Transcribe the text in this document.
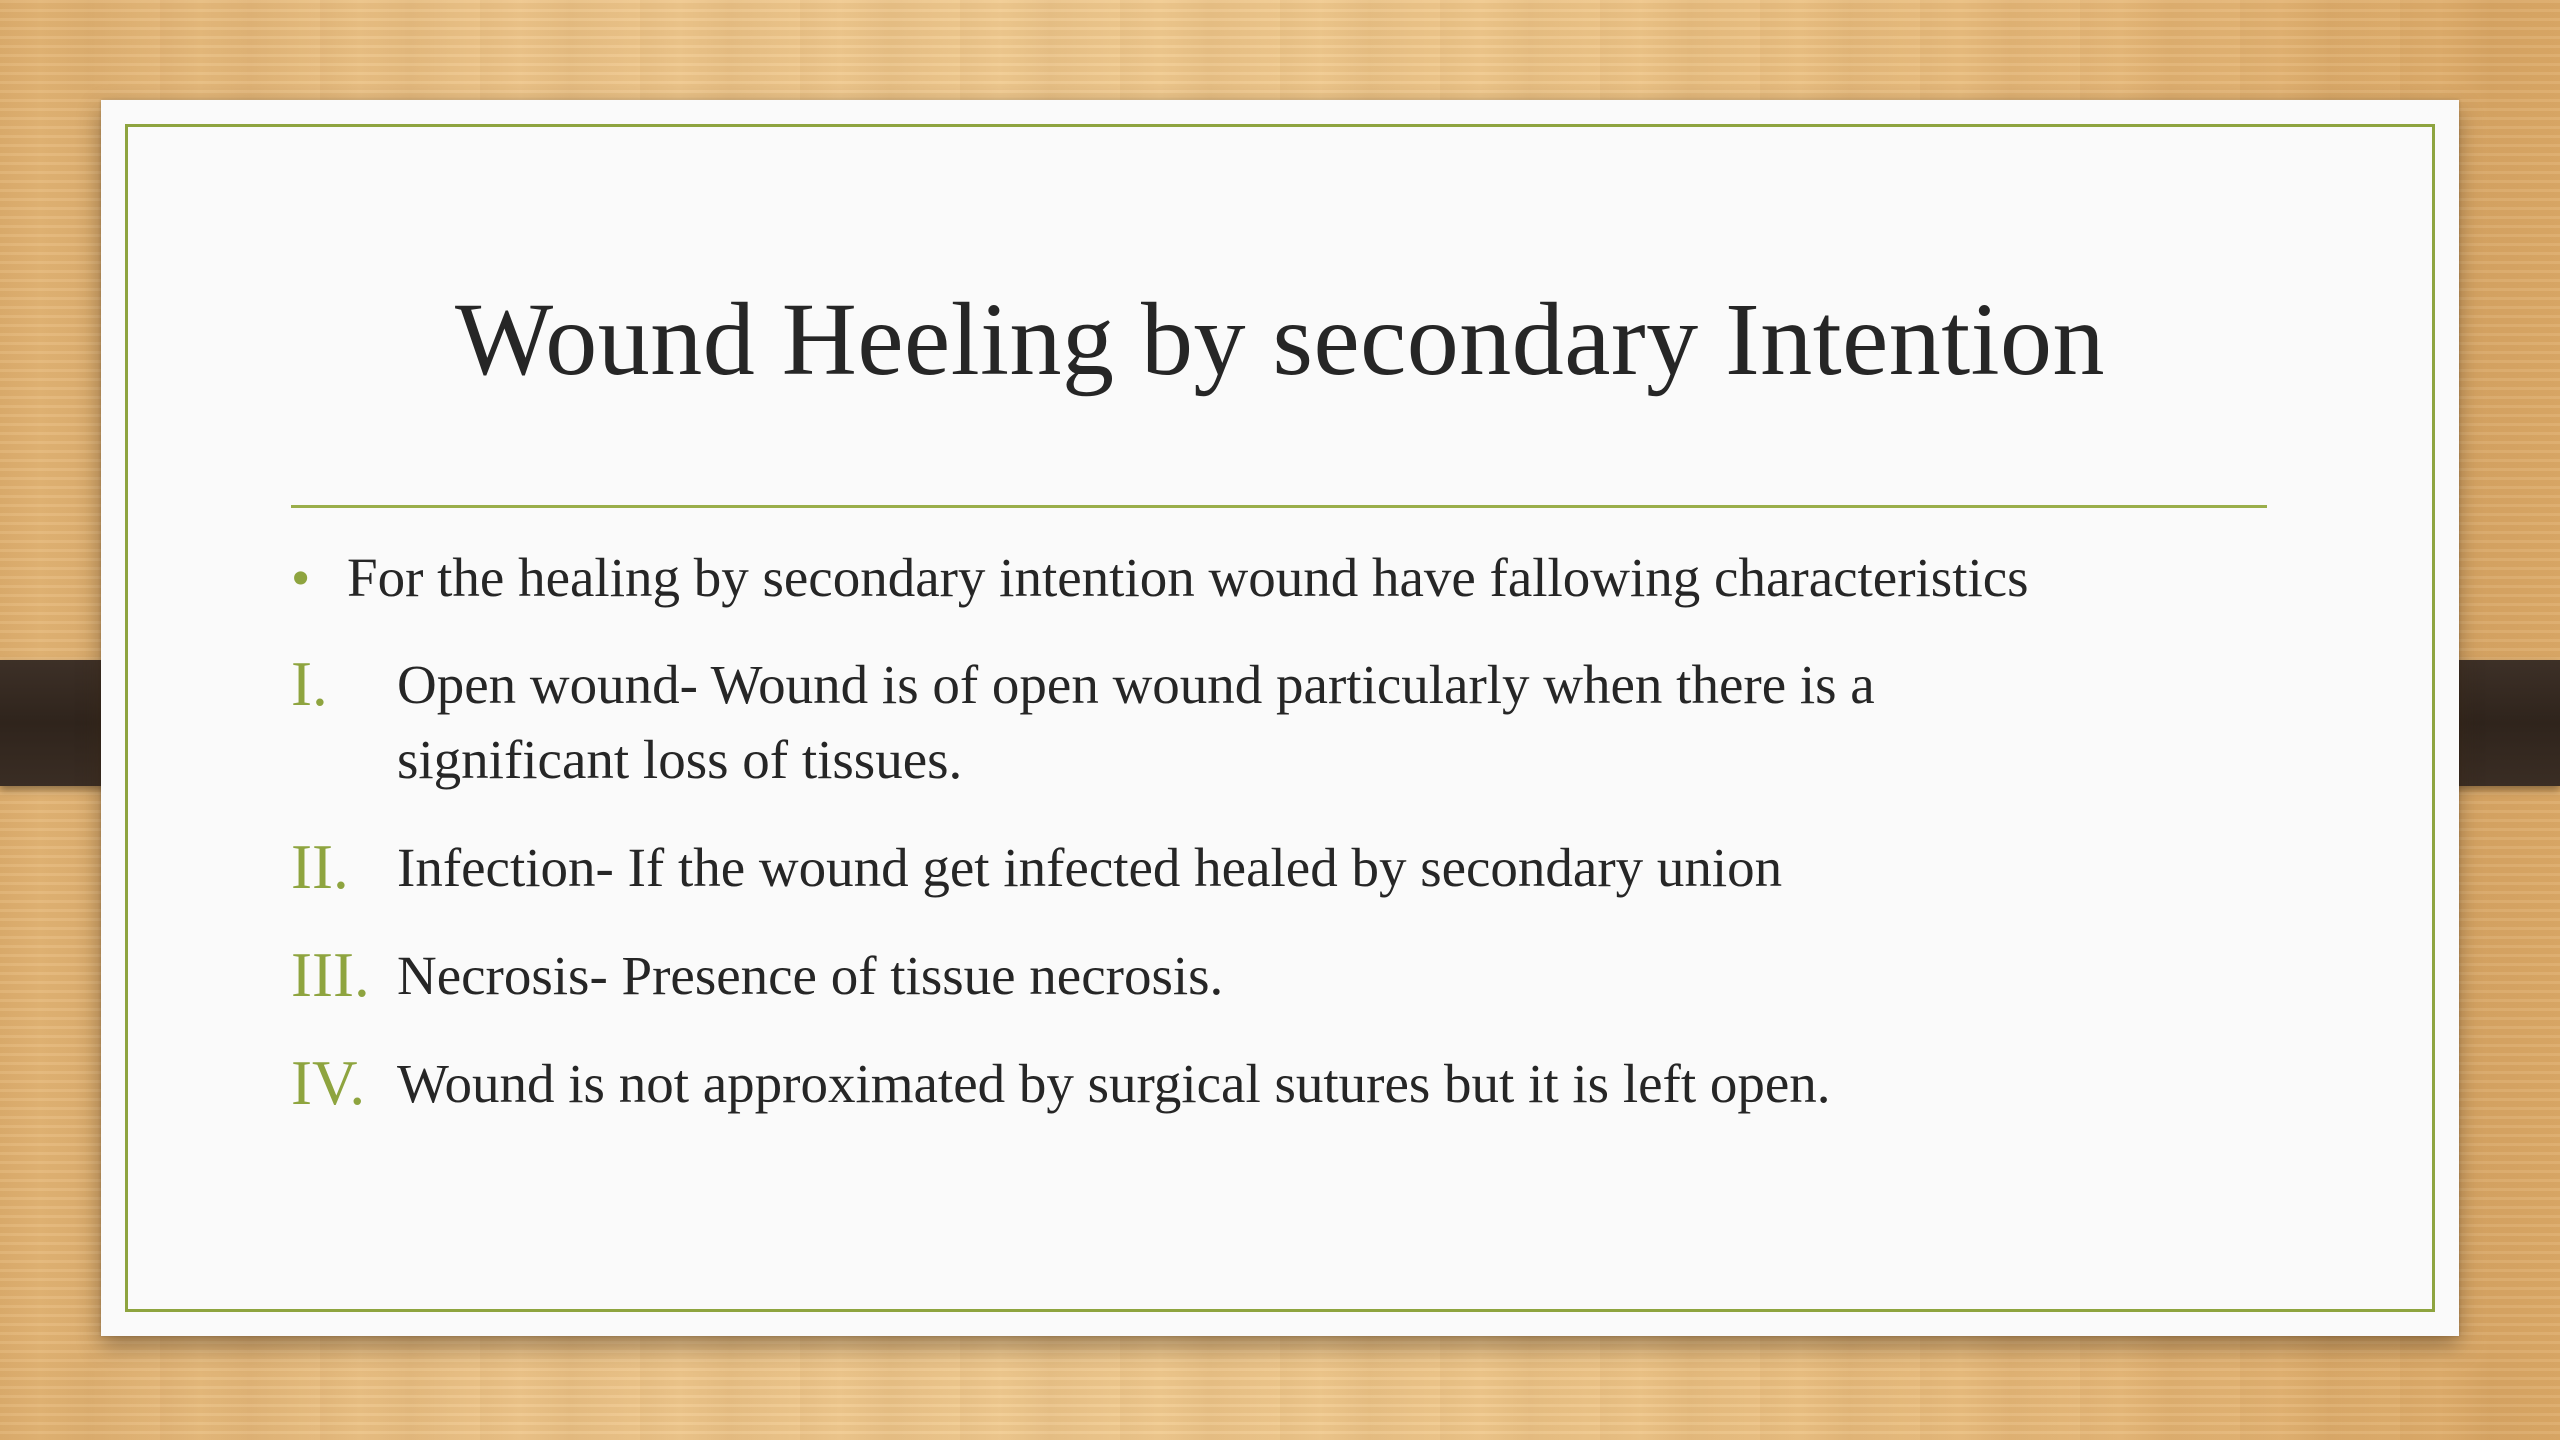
Wound Heeling by secondary Intention
• For the healing by secondary intention wound have fallowing characteristics
I.	Open wound- Wound is of open wound particularly when there is a significant loss of tissues.
II. Infection- If the wound get infected healed by secondary union
III. Necrosis- Presence of tissue necrosis.
IV. Wound is not approximated by surgical sutures but it is left open.
